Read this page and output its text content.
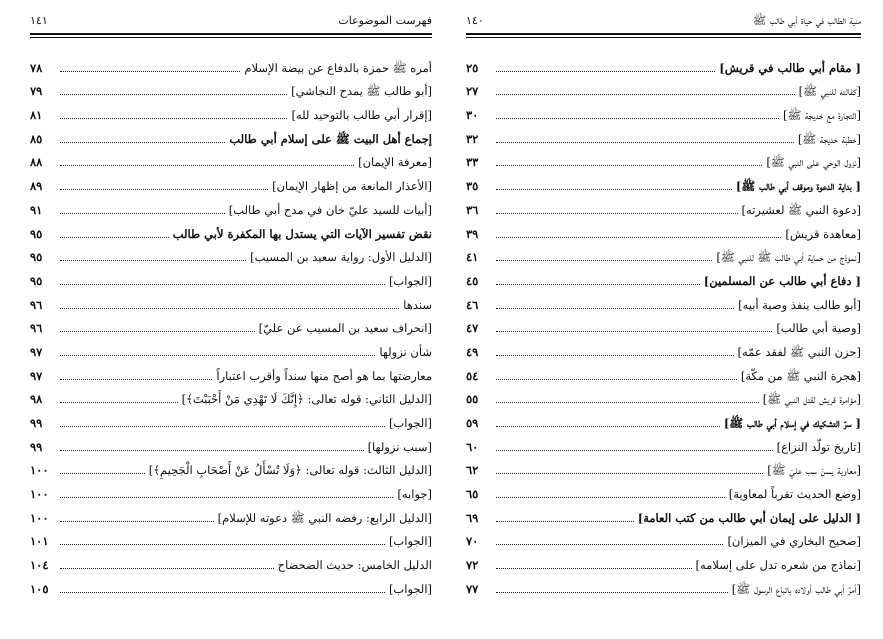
فهرست الموضوعات
١٤١
أمره ﷺ حمزة بالدفاع عن بيضة الإسلام
٧٨
[أبو طالب ﷺ يمدح النجاشي]
٧٩
[إقرار أبي طالب بالتوحيد لله]
٨١
إجماع أهل البيت ﷺ على إسلام أبي طالب
٨٥
[معرفة الإيمان]
٨٨
[الأعذار المانعة من إظهار الإيمان]
٨٩
[أبيات للسيد عليّ خان في مدح أبي طالب]
٩١
نقض تفسير الآيات التي يستدل بها المكفرة لأبي طالب
٩٥
[الدليل الأول: رواية سعيد بن المسيب]
٩٥
[الجواب]
٩٥
سندها
٩٦
[انحراف سعيد بن المسيب عن عليّ]
٩٦
شأن نزولها
٩٧
معارضتها بما هو أصح منها سنداً وأقرب اعتباراً
٩٧
[الدليل الثاني: قوله تعالى: ﴿إِنَّكَ لَا تَهْدِي مَنْ أَحْبَبْتَ﴾]
٩٨
[الجواب]
٩٩
[سبب نزولها]
٩٩
[الدليل الثالث: قوله تعالى: ﴿وَلَا تُسْأَلُ عَنْ أَصْحَابِ الْجَحِيمِ﴾]
١٠٠
[جوابه]
١٠٠
[الدليل الرابع: رفضه النبي ﷺ دعوته للإسلام]
١٠٠
[الجواب]
١٠١
الدليل الخامس: حديث الضحضاح
١٠٤
[الجواب]
١٠٥
منية الطالب في حياة أبي طالب ﷺ
١٤٠
[ مقام أبي طالب في قريش]
٢٥
[كفالته للنبي ﷺ]
٢٧
[التجارة مع خديجة ﷺ]
٣٠
[خطبة خديجة ﷺ]
٣٢
[نزول الوحي على النبي ﷺ]
٣٣
[ بداية الدعوة وموقف أبي طالب ﷺ]
٣٥
[دعوة النبي ﷺ لعشيرته]
٣٦
[معاهدة قريش]
٣٩
[نموذج من حماية أبي طالب ﷺ للنبي ﷺ]
٤١
[ دفاع أبي طالب عن المسلمين]
٤٥
[أبو طالب ينفذ وصية أبيه]
٤٦
[وصية أبي طالب]
٤٧
[حزن النبي ﷺ لفقد عمّه]
٤٩
[هجرة النبي ﷺ من مكّة]
٥٤
[مؤامرة قريش لقتل النبي ﷺ]
٥٥
[ سرّ التشكيك في إسلام أبي طالب ﷺ]
٥٩
[تاريخ تولّد النزاع]
٦٠
[معاوية يسنّ سب عليّ ﷺ]
٦٢
[وضع الحديث تقرباً لمعاوية]
٦٥
[ الدليل على إيمان أبي طالب من كتب العامة]
٦٩
[صحيح البخاري في الميزان]
٧٠
[نماذج من شعره تدل على إسلامه]
٧٢
[أمرُ أبي طالب أولاده باتباع الرسول ﷺ]
٧٧
